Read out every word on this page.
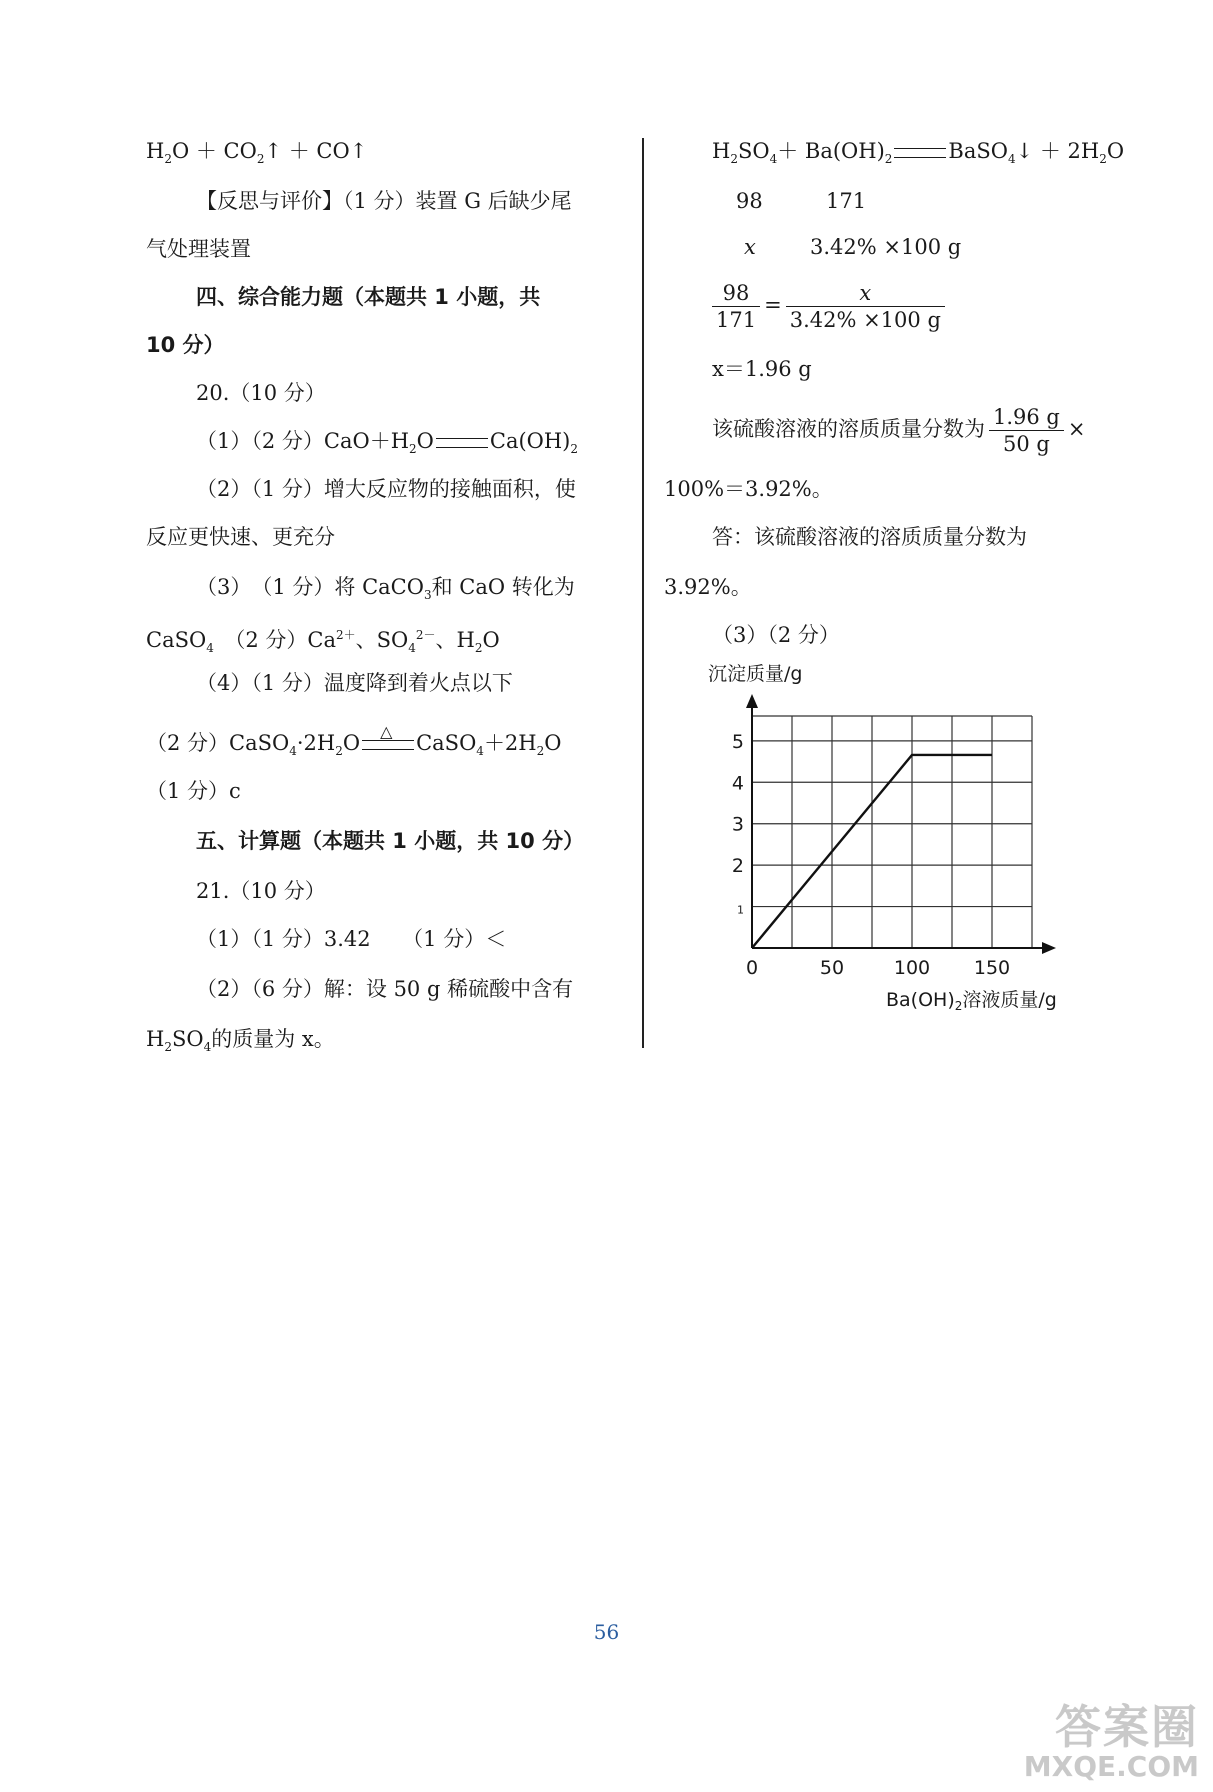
$H_2O$ ＋ $CO_2↑$ ＋ CO↑
【反思与评价】（1 分）装置 G 后缺少尾
气处理装置
四、综合能力题（本题共 1 小题，共
10 分）
20.（10 分）
（1）（2 分）$CaO+H_2O$	$Ca(OH)_2$
（2）（1 分）增大反应物的接触面积，使
反应更快速、更充分
（3）　（1 分）将 CaCO$_3$和 CaO 转化为
CaSO$_4$　（2 分）$Ca^{2+}$、$SO_4^{2-}$、$H_2O$
（4）（1 分）温度降到着火点以下
（2 分）$CaSO_4\cdot 2H_2O$ △ $CaSO_4+2H_2O$
（1 分）c
五、计算题（本题共 1 小题，共 10 分）
21.（10 分）
（1）（1 分）3.42　　（1 分）＜
（2）（6 分）解：设 50 g 稀硫酸中含有
$H_2SO_4$的质量为 x。
$H_2SO_4+ Ba(OH)_2$	BaSO$_4$↓ ＋ $2H_2O$
98	171
x	3.42% ×100 g
$\frac{98}{171} = \frac{x}{3.42\% \times 100 g}$
x＝1.96 g
该硫酸溶液的溶质质量分数为 $\frac{1.96 g}{50 g}$ ×
100%＝3.92%。
答：该硫酸溶液的溶质质量分数为
3.92%。
（3）（2 分）
沉淀质量/g
0	50	100 150
1
2
3
4
5
$Ba(OH)_2$溶液质量/g
56
答案圈
MXQE.COM
